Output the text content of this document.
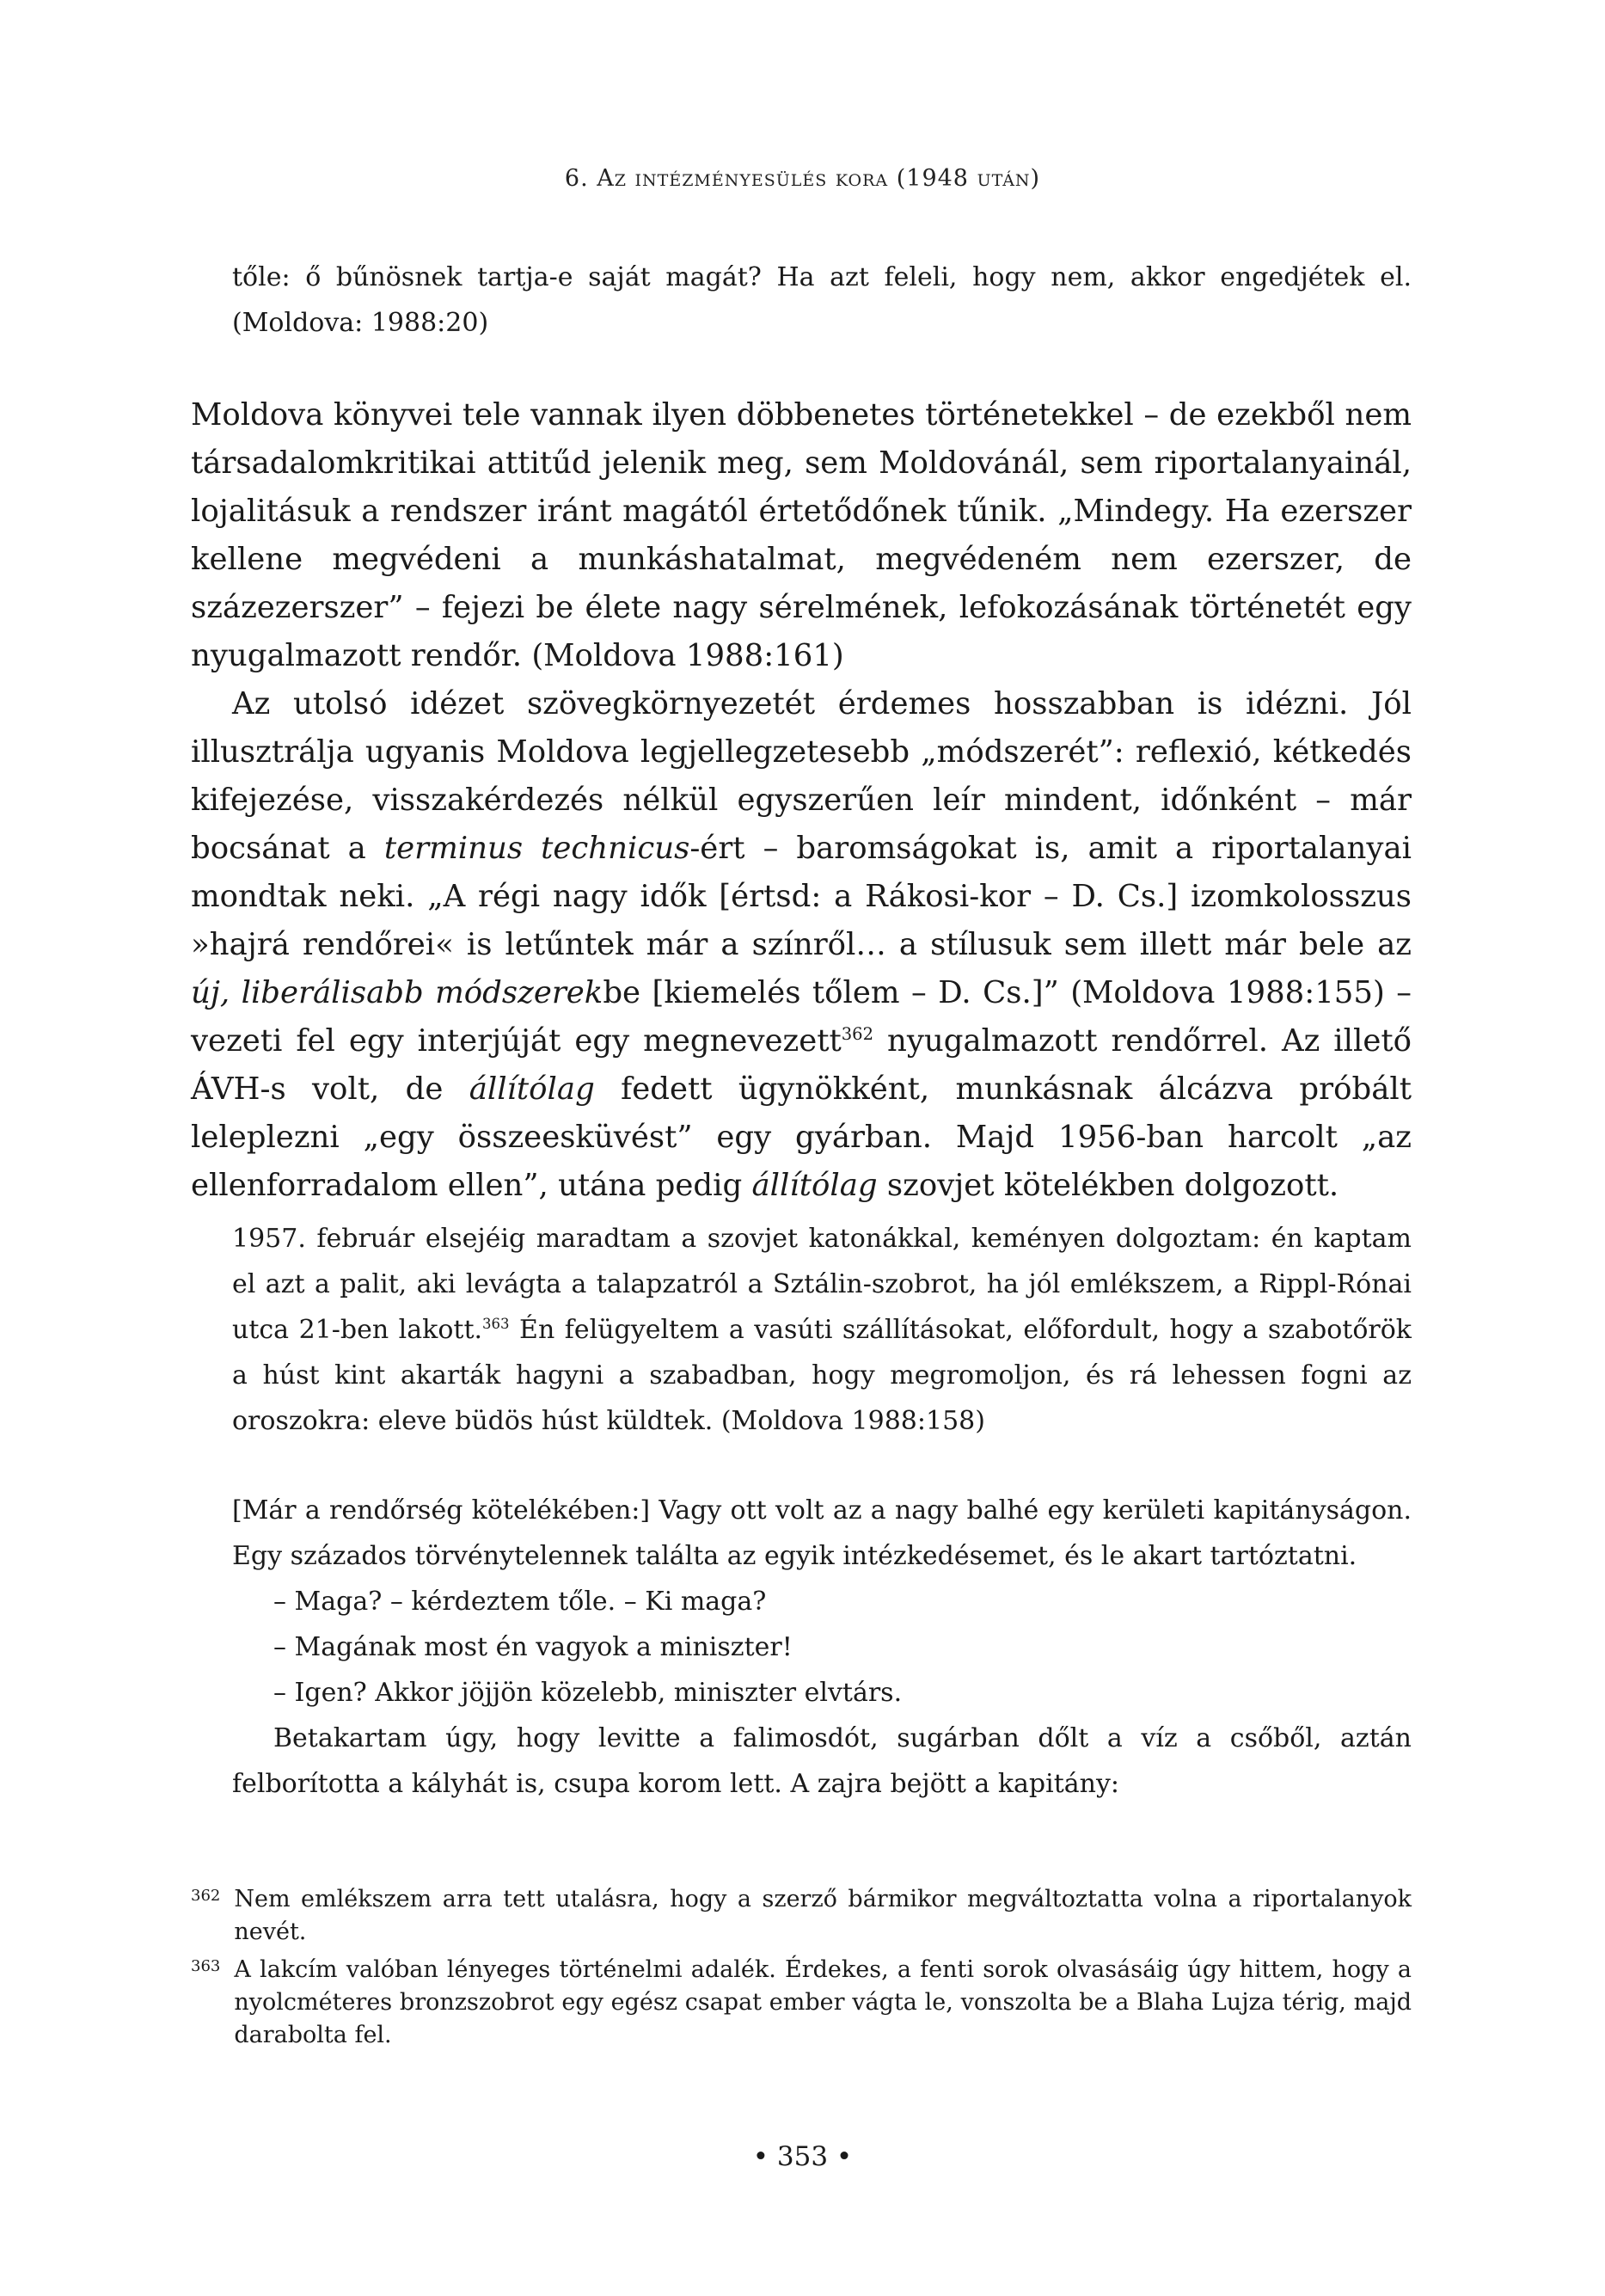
6. Az intézményesülés kora (1948 után)

tőle: ő bűnösnek tartja-e saját magát? Ha azt feleli, hogy nem, akkor engedjétek el.

(Moldova: 1988:20)

Moldova könyvei tele vannak ilyen döbbenetes történetekkel – de ezekből nem társadalomkritikai attitűd jelenik meg, sem Moldovánál, sem riportalanyainál, lojalitásuk a rendszer iránt magától értetődőnek tűnik. „Mindegy. Ha ezerszer kellene megvédeni a munkáshatalmat, megvédeném nem ezerszer, de százezerszer” – fejezi be élete nagy sérelmének, lefokozásának történetét egy nyugalmazott rendőr. (Moldova 1988:161)

Az utolsó idézet szövegkörnyezetét érdemes hosszabban is idézni. Jól illusztrálja ugyanis Moldova legjellegzetesebb „módszerét”: reflexió, kétkedés kifejezése, visszakérdezés nélkül egyszerűen leír mindent, időnként – már bocsánat a terminus technicus-ért – baromságokat is, amit a riportalanyai mondtak neki. „A régi nagy idők [értsd: a Rákosi-kor – D. Cs.] izomkolosszus »hajrá rendőrei« is letűntek már a színről… a stílusuk sem illett már bele az új, liberálisabb módszerekbe [kiemelés tőlem – D. Cs.]” (Moldova 1988:155) – vezeti fel egy interjúját egy megnevezett$^{362}$ nyugalmazott rendőrrel. Az illető ÁVH-s volt, de állítólag fedett ügynökként, munkásnak álcázva próbált leleplezni „egy összeesküvést” egy gyárban. Majd 1956-ban harcolt „az ellenforradalom ellen”, utána pedig állítólag szovjet kötelékben dolgozott.

1957. február elsejéig maradtam a szovjet katonákkal, keményen dolgoztam: én kaptam el azt a palit, aki levágta a talapzatról a Sztálin-szobrot, ha jól emlékszem, a Rippl-Rónai utca 21-ben lakott.$^{363}$ Én felügyeltem a vasúti szállításokat, előfordult, hogy a szabotőrök a húst kint akarták hagyni a szabadban, hogy megromoljon, és rá lehessen fogni az oroszokra: eleve büdös húst küldtek. (Moldova 1988:158)

[Már a rendőrség kötelékében:] Vagy ott volt az a nagy balhé egy kerületi kapitányságon. Egy százados törvénytelennek találta az egyik intézkedésemet, és le akart tartóztatni.

– Maga? – kérdeztem tőle. – Ki maga?

– Magának most én vagyok a miniszter!

– Igen? Akkor jöjjön közelebb, miniszter elvtárs.

Betakartam úgy, hogy levitte a falimosdót, sugárban dőlt a víz a csőből, aztán felborította a kályhát is, csupa korom lett. A zajra bejött a kapitány:

362 Nem emlékszem arra tett utalásra, hogy a szerző bármikor megváltoztatta volna a riportalanyok nevét.
363 A lakcím valóban lényeges történelmi adalék. Érdekes, a fenti sorok olvasásáig úgy hittem, hogy a nyolcméteres bronzszobrot egy egész csapat ember vágta le, vonszolta be a Blaha Lujza térig, majd darabolta fel.
• 353 •
